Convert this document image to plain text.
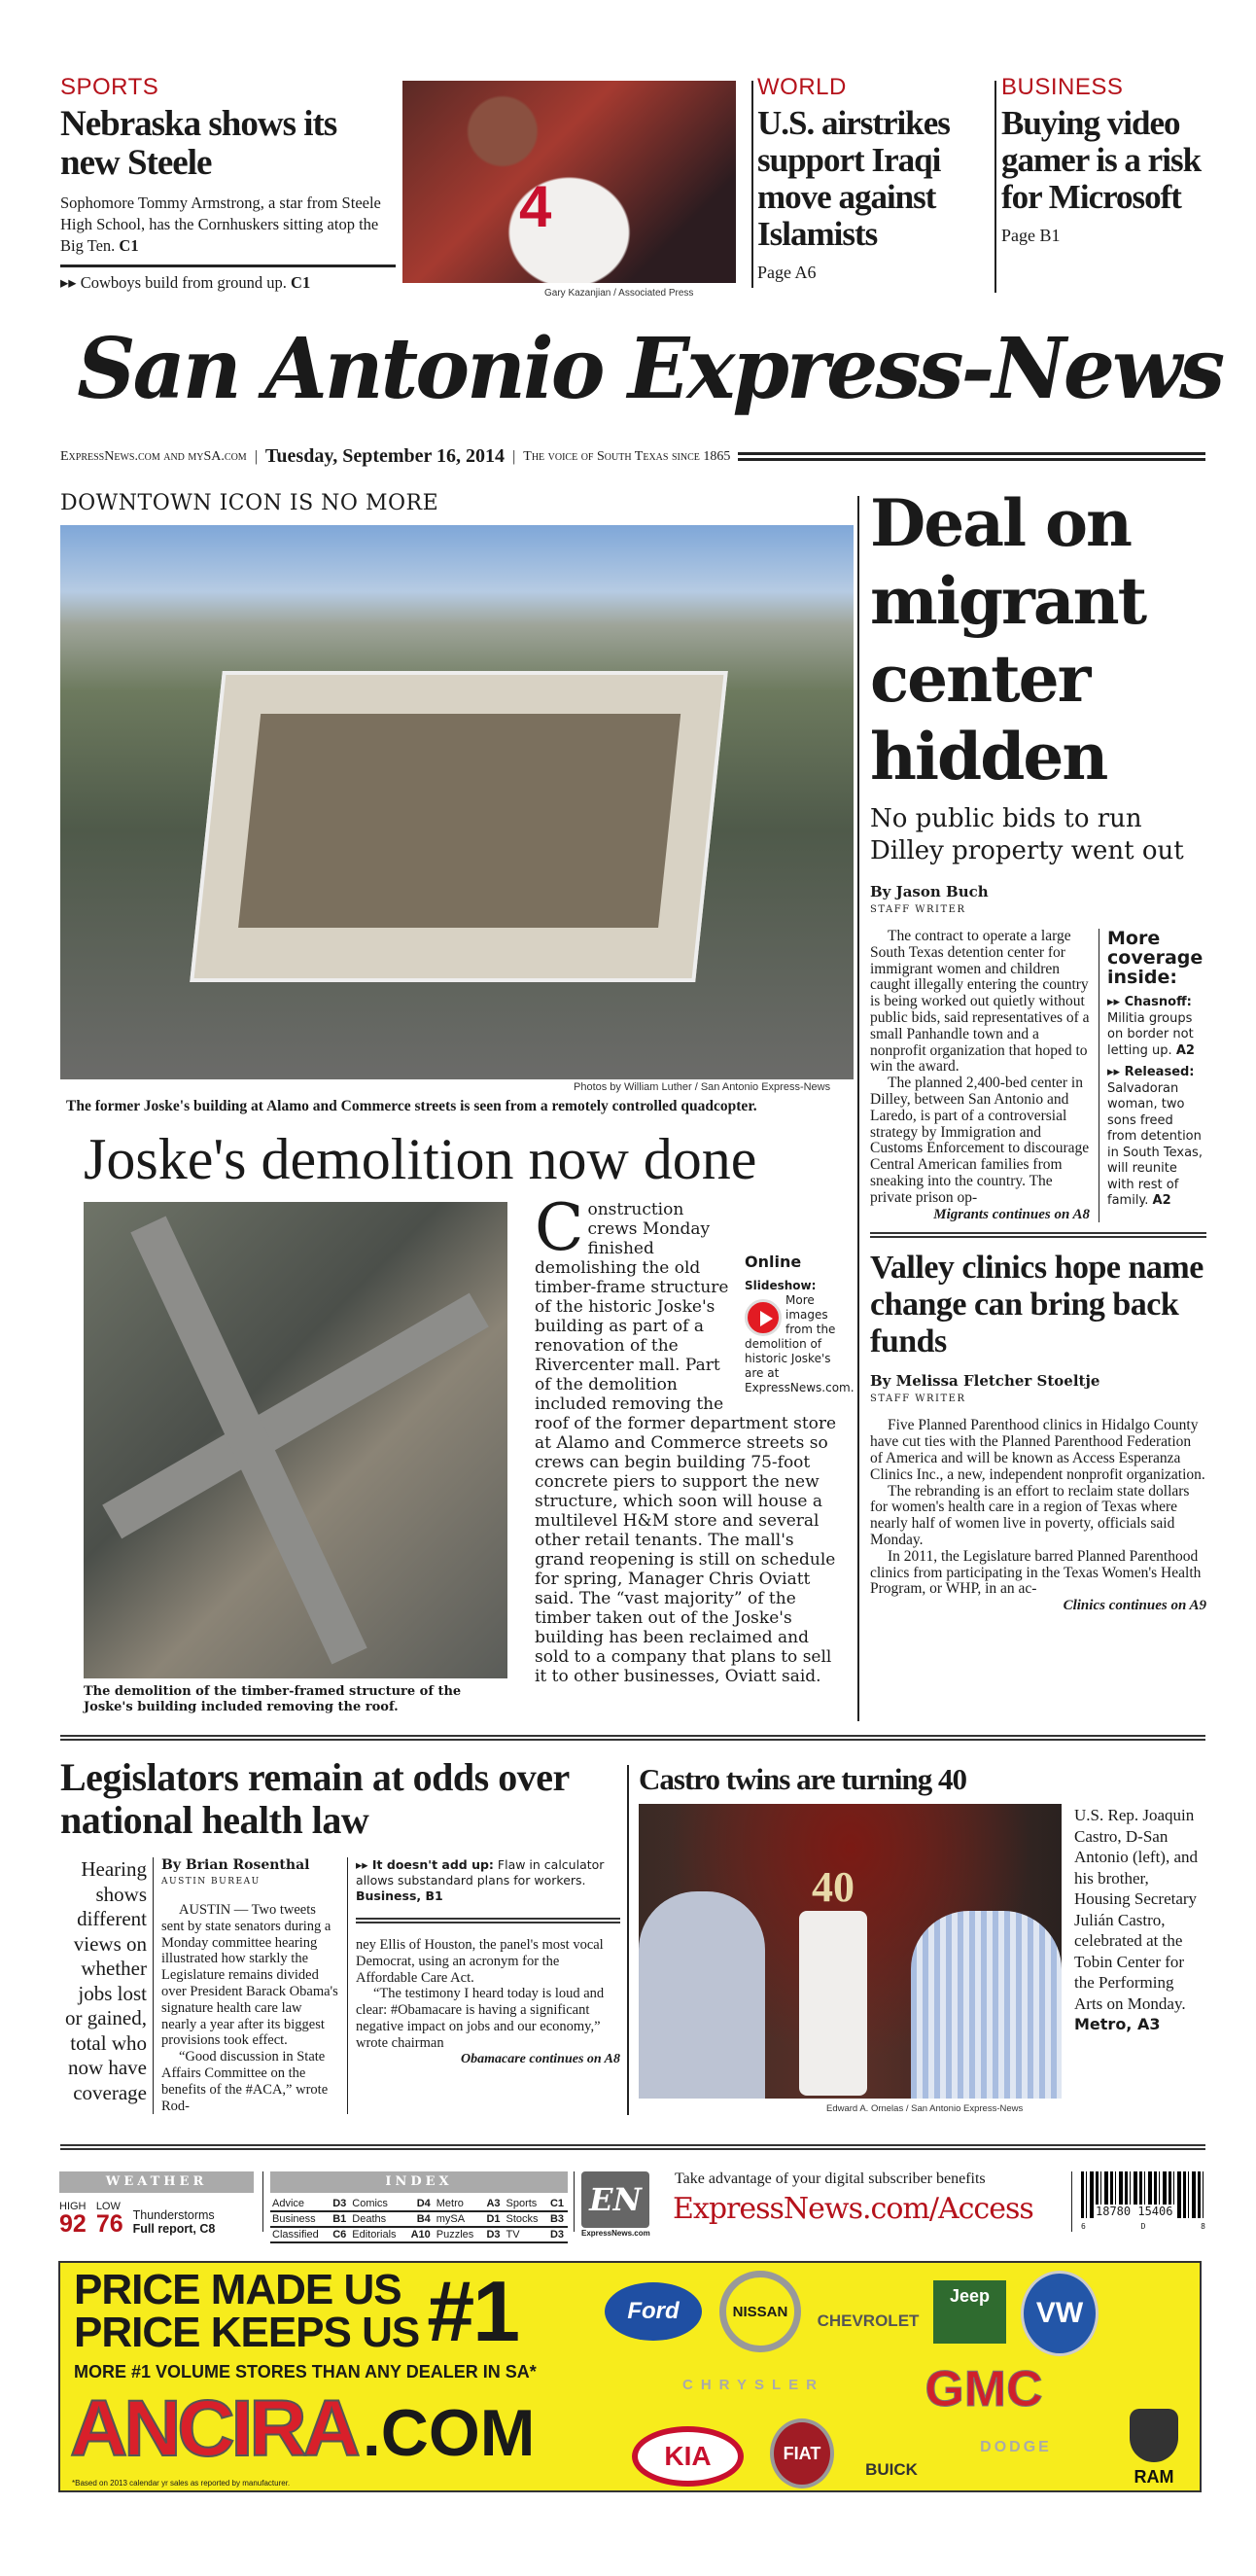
SPORTS
Nebraska shows its new Steele
Sophomore Tommy Armstrong, a star from Steele High School, has the Cornhuskers sitting atop the Big Ten. C1
▸▸ Cowboys build from ground up. C1
4
Gary Kazanjian / Associated Press
WORLD
U.S. airstrikes support Iraqi move against Islamists
Page A6
BUSINESS
Buying video gamer is a risk for Microsoft
Page B1
San Antonio Express-News
ExpressNews.com and mySA.com | Tuesday, September 16, 2014 | The voice of South Texas since 1865
DOWNTOWN ICON IS NO MORE
Photos by William Luther / San Antonio Express-News
The former Joske's building at Alamo and Commerce streets is seen from a remotely controlled quadcopter.
Joske's demolition now done
The demolition of the timber-framed structure of the Joske's building included removing the roof.
C	Online
Slideshow:
More images from the demolition of historic Joske's are at ExpressNews.com.
onstruction crews Monday finished demolishing the old timber-frame structure of the historic Joske's building as part of a renovation of the Rivercenter mall. Part of the demolition included removing the roof of the former department store at Alamo and Commerce streets so crews can begin building 75-foot concrete piers to support the new structure, which soon will house a multilevel H&M store and several other retail tenants. The mall's grand reopening is still on schedule for spring, Manager Chris Oviatt said. The “vast majority” of the timber taken out of the Joske's building has been reclaimed and sold to a company that plans to sell it to other businesses, Oviatt said.
Deal on migrant center hidden
No public bids to run Dilley property went out
By Jason Buch
STAFF WRITER

The contract to operate a large South Texas detention center for immigrant women and children caught illegally entering the country is being worked out quietly without public bids, said representatives of a small Panhandle town and a nonprofit organization that hoped to win the award.

The planned 2,400-bed center in Dilley, between San Antonio and Laredo, is part of a controversial strategy by Immigration and Customs Enforcement to discourage Central American families from sneaking into the country. The private prison op-

Migrants continues on A8
More coverage inside:
▸▸ Chasnoff:
Militia groups on border not letting up. A2
▸▸ Released:
Salvadoran woman, two sons freed from detention in South Texas, will reunite with rest of family. A2
Valley clinics hope name change can bring back funds
By Melissa Fletcher Stoeltje
STAFF WRITER

Five Planned Parenthood clinics in Hidalgo County have cut ties with the Planned Parenthood Federation of America and will be known as Access Esperanza Clinics Inc., a new, independent nonprofit organization.

The rebranding is an effort to reclaim state dollars for women's health care in a region of Texas where nearly half of women live in poverty, officials said Monday.

In 2011, the Legislature barred Planned Parenthood clinics from participating in the Texas Women's Health Program, or WHP, in an ac-

Clinics continues on A9
Legislators remain at odds over national health law
Hearing shows different views on whether jobs lost or gained, total who now have coverage
By Brian Rosenthal
AUSTIN BUREAU

AUSTIN — Two tweets sent by state senators during a Monday committee hearing illustrated how starkly the Legislature remains divided over President Barack Obama's signature health care law nearly a year after its biggest provisions took effect.

“Good discussion in State Affairs Committee on the benefits of the #ACA,” wrote Rod-

▸▸ It doesn't add up: Flaw in calculator allows substandard plans for workers. Business, B1
ney Ellis of Houston, the panel's most vocal Democrat, using an acronym for the Affordable Care Act.

“The testimony I heard today is loud and clear: #Obamacare is having a significant negative impact on jobs and our economy,” wrote chairman

Obamacare continues on A8
Castro twins are turning 40
40
Edward A. Ornelas / San Antonio Express-News
U.S. Rep. Joaquin Castro, D-San Antonio (left), and his brother, Housing Secretary Julián Castro, celebrated at the Tobin Center for the Performing Arts on Monday.
Metro, A3
WEATHER
HIGH
92
LOW
76 Thunderstorms
Full report, C8
INDEX
Advice	D3	Comics	D4	Metro	A3	Sports	C1
Business	B1	Deaths	B4	mySA	D1	Stocks	B3
Classified	C6	Editorials	A10	Puzzles	D3	TV	D3
EN
ExpressNews.com
Take advantage of your digital subscriber benefits
ExpressNews.com/Access	18780 15406
6	D	8
PRICE MADE US
PRICE KEEPS US #1
MORE #1 VOLUME STORES THAN ANY DEALER IN SA*
ANCIRA .COM
*Based on 2013 calendar yr sales as reported by manufacturer.
Ford	NISSAN	CHEVROLET
Jeep
VW
CHRYSLER	GMC
KIA	FIAT
BUICK
DODGE
RAM
